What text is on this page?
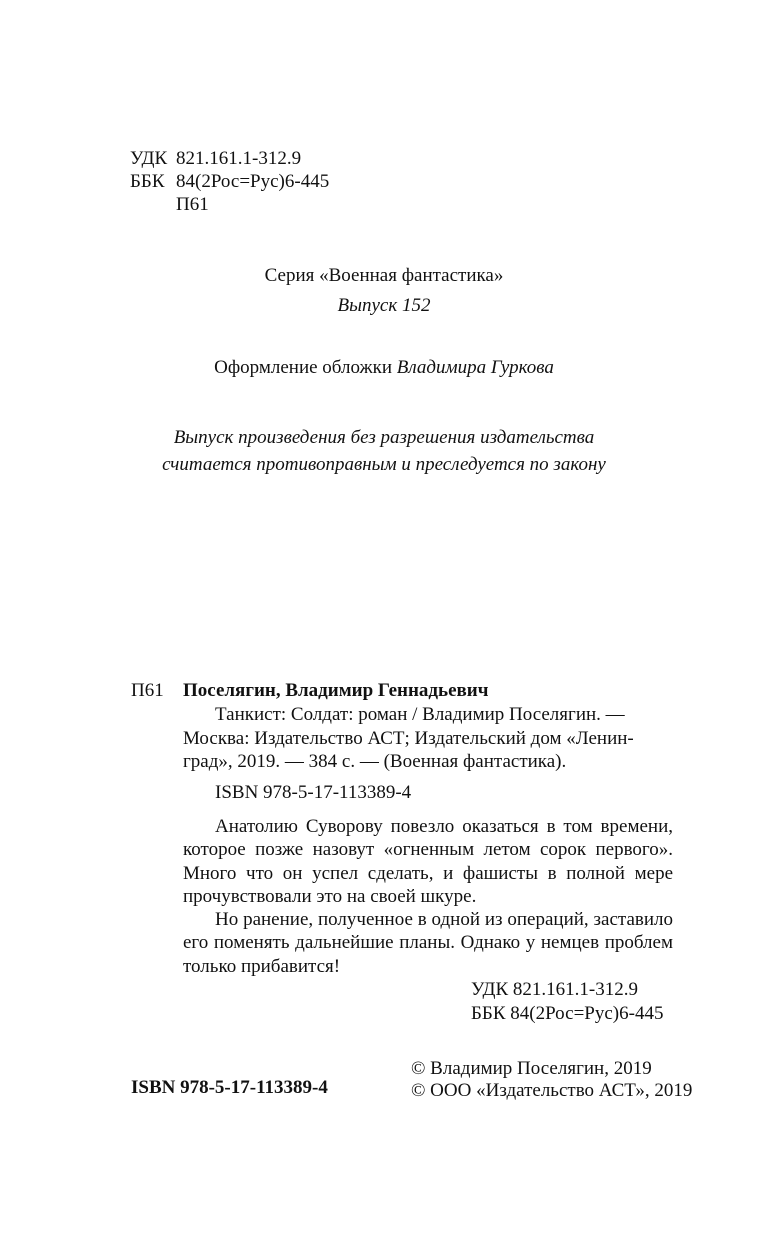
УДК 821.161.1-312.9
ББК 84(2Рос=Рус)6-445
П61
Серия «Военная фантастика»
Выпуск 152
Оформление обложки Владимира Гуркова
Выпуск произведения без разрешения издательства
считается противоправным и преследуется по закону
П61 Поселягин, Владимир Геннадьевич
Танкист: Солдат: роман / Владимир Поселягин. —
Москва: Издательство АСТ; Издательский дом «Ленин-
град», 2019. — 384 с. — (Военная фантастика).
ISBN 978-5-17-113389-4

Анатолию Суворову повезло оказаться в том времени, которое позже назовут «огненным летом сорок первого». Много что он успел сделать, и фашисты в полной мере прочувствовали это на своей шкуре.

Но ранение, полученное в одной из операций, заставило его поменять дальнейшие планы. Однако у немцев проблем только прибавится!

УДК 821.161.1-312.9
ББК 84(2Рос=Рус)6-445
© Владимир Поселягин, 2019
© ООО «Издательство АСТ», 2019
ISBN 978-5-17-113389-4
